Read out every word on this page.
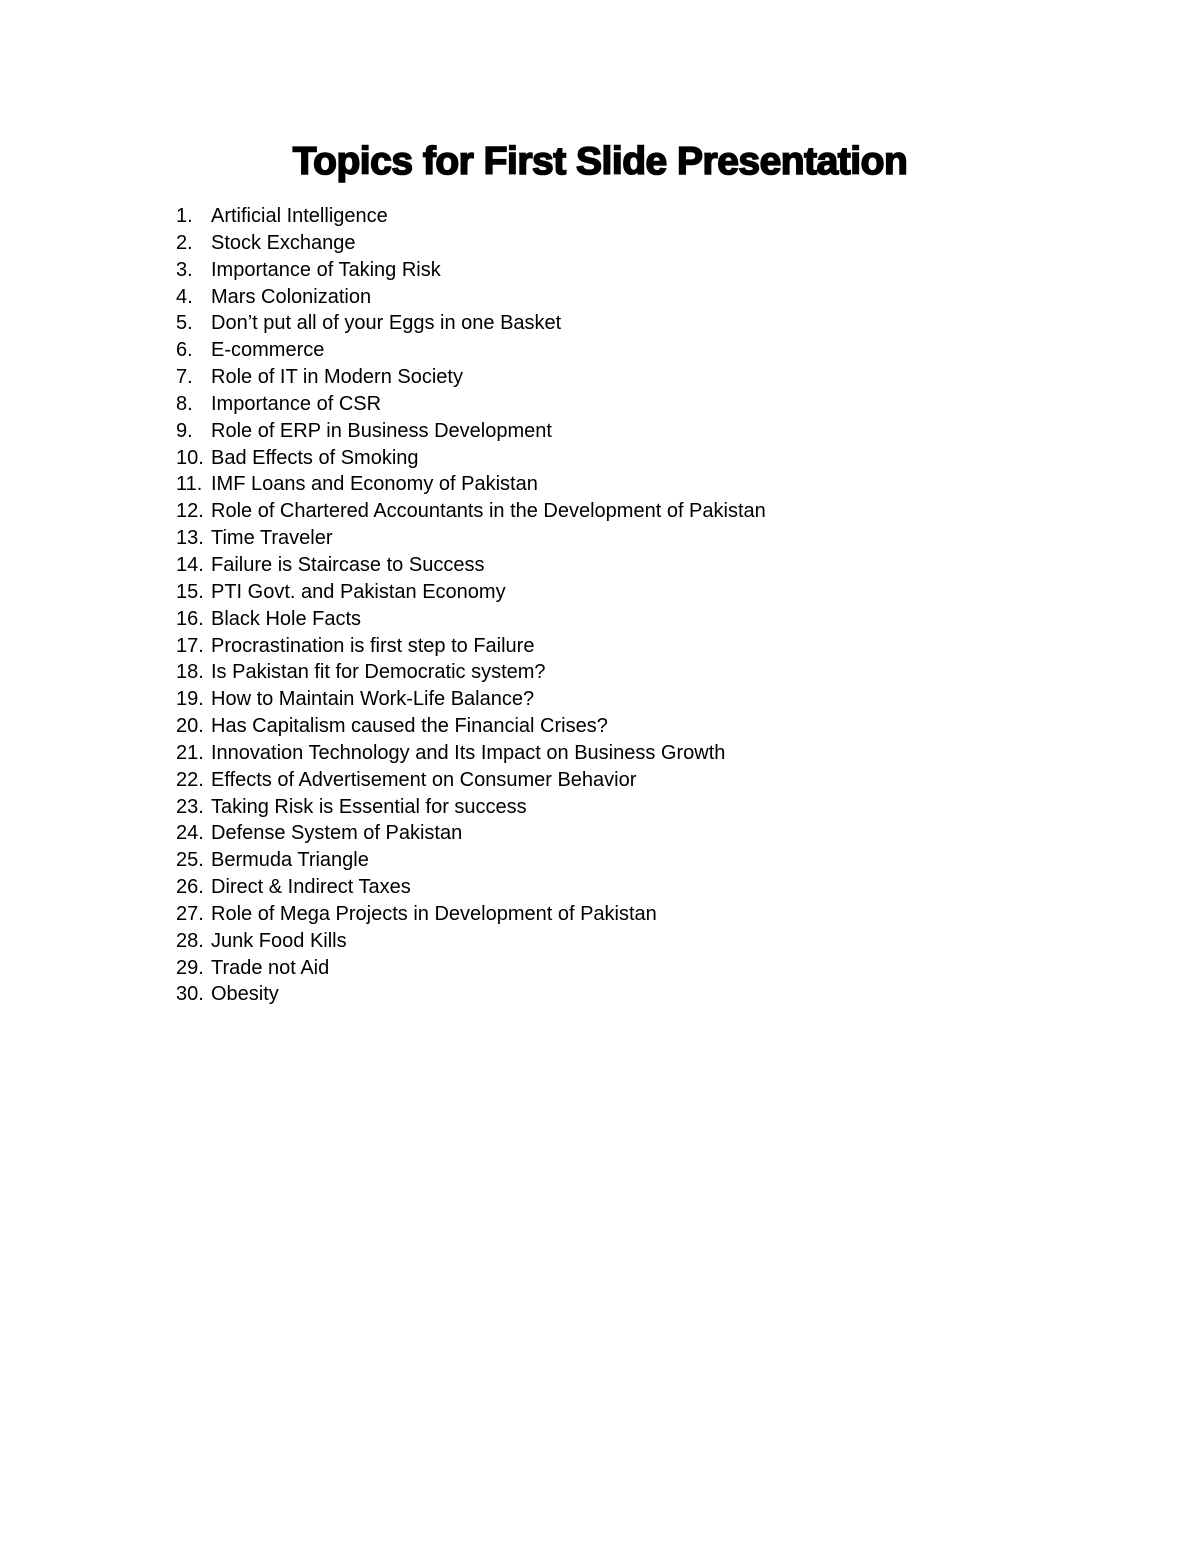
Topics for First Slide Presentation
1. Artificial Intelligence
2. Stock Exchange
3. Importance of Taking Risk
4. Mars Colonization
5. Don’t put all of your Eggs in one Basket
6. E-commerce
7. Role of IT in Modern Society
8. Importance of CSR
9. Role of ERP in Business Development
10. Bad Effects of Smoking
11. IMF Loans and Economy of Pakistan
12. Role of Chartered Accountants in the Development of Pakistan
13. Time Traveler
14. Failure is Staircase to Success
15. PTI Govt. and Pakistan Economy
16. Black Hole Facts
17. Procrastination is first step to Failure
18. Is Pakistan fit for Democratic system?
19. How to Maintain Work-Life Balance?
20. Has Capitalism caused the Financial Crises?
21. Innovation Technology and Its Impact on Business Growth
22. Effects of Advertisement on Consumer Behavior
23. Taking Risk is Essential for success
24. Defense System of Pakistan
25. Bermuda Triangle
26. Direct & Indirect Taxes
27. Role of Mega Projects in Development of Pakistan
28. Junk Food Kills
29. Trade not Aid
30. Obesity
